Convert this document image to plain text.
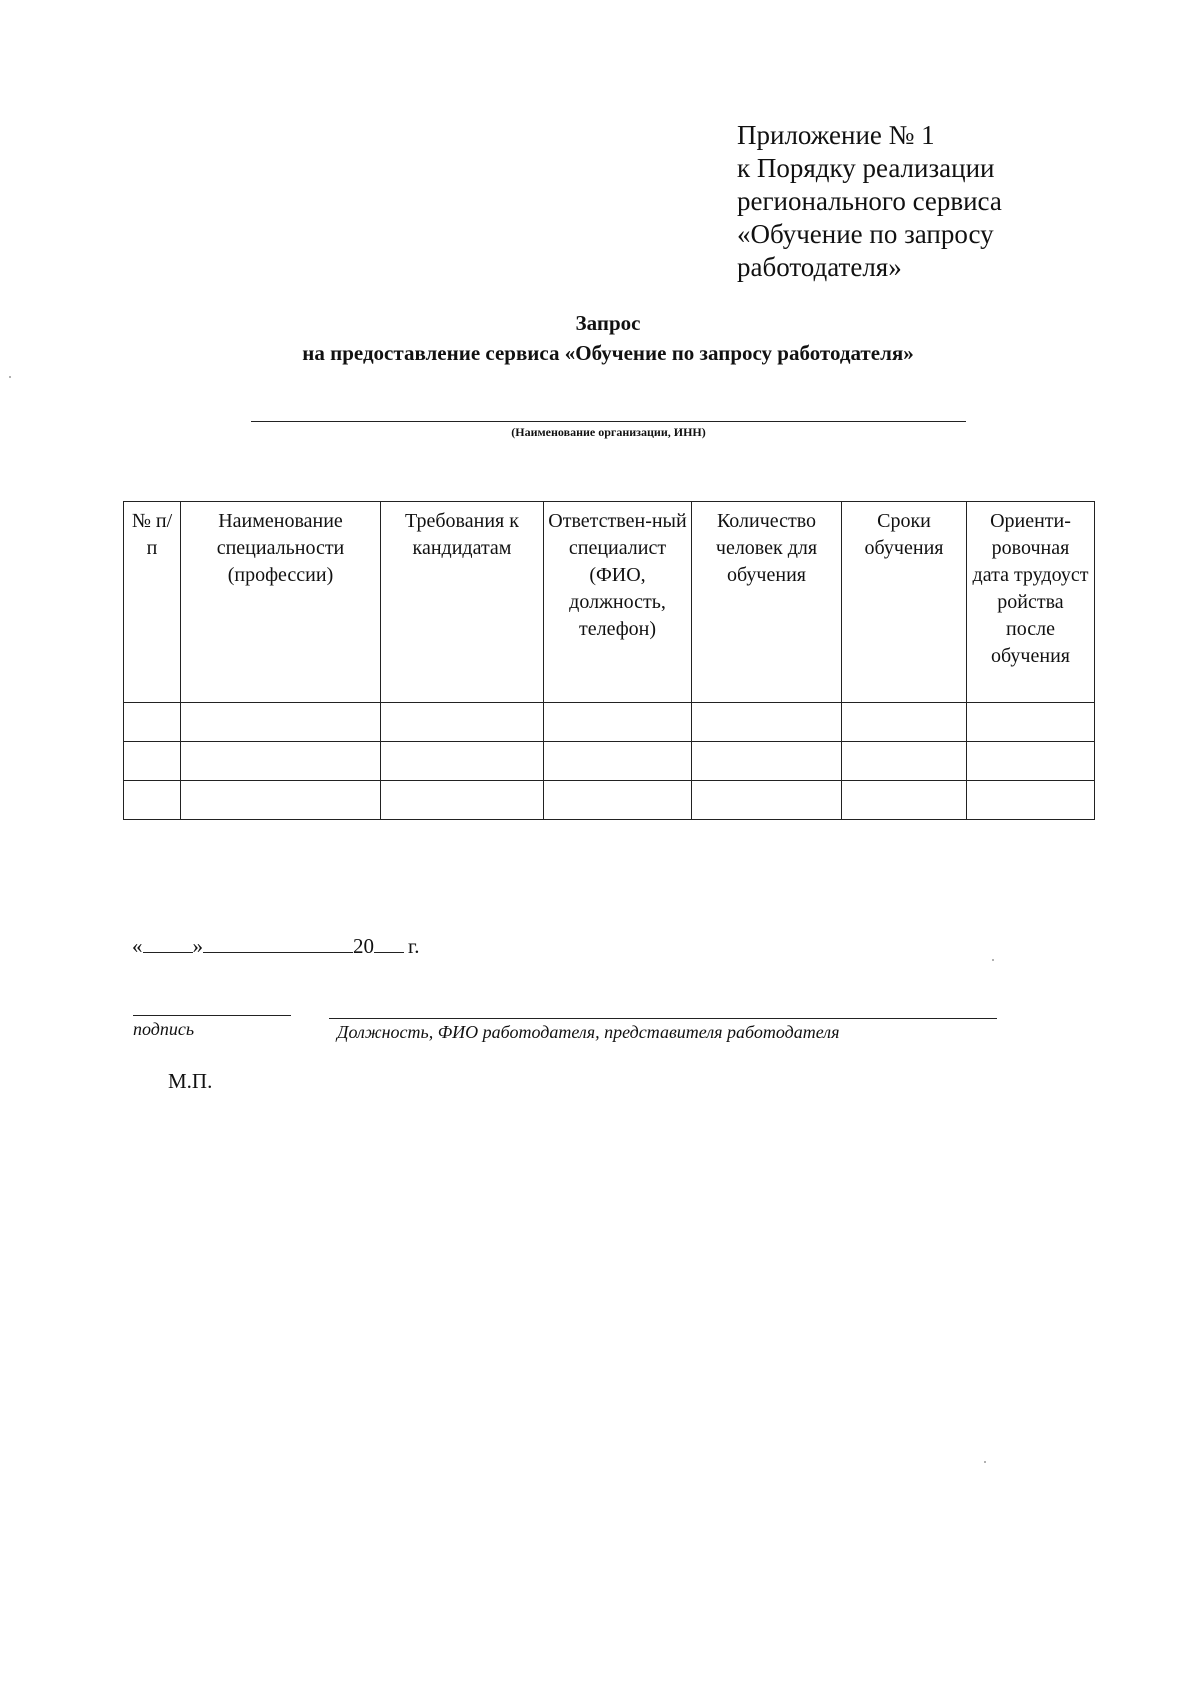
Приложение № 1
к Порядку реализации
регионального сервиса
«Обучение по запросу
работодателя»
Запрос
на предоставление сервиса «Обучение по запросу работодателя»
(Наименование организации, ИНН)
№ п/п	Наименование специальности (профессии)	Требования к кандидатам	Ответствен-ный специалист (ФИО, должность, телефон)	Количество человек для обучения	Сроки обучения	Ориенти-ровочная дата трудоуст ройства после обучения

« »	20 г.
подпись	Должность, ФИО работодателя, представителя работодателя
М.П.
